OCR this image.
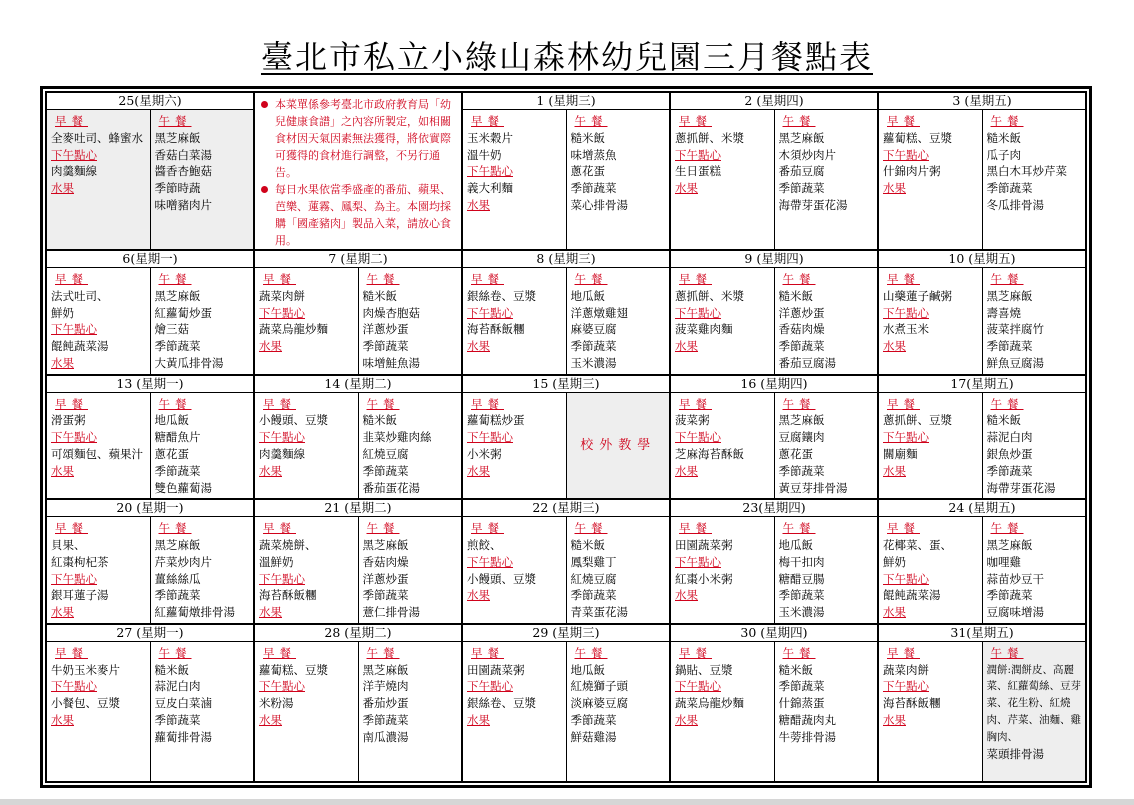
臺北市私立小綠山森林幼兒園三月餐點表
25(星期六)
早餐
全麥吐司、蜂蜜水
下午點心
肉羹麵線
水果
午餐
黑芝麻飯
香菇白菜湯
醬香杏鮑菇
季節時蔬
味噌豬肉片
本菜單係參考臺北市政府教育局「幼兒健康食譜」之內容所製定，如相關食材因天氣因素無法獲得，將依實際可獲得的食材進行調整，不另行通告。
每日水果依當季盛產的番茄、蘋果、芭樂、蓮霧、鳳梨、為主。本園均採購「國產豬肉」製品入菜，請放心食用。
1 (星期三)
早餐
玉米穀片
溫牛奶
下午點心
義大利麵
水果
午餐
糙米飯
味增蒸魚
蔥花蛋
季節蔬菜
菜心排骨湯
2 (星期四)
早餐
蔥抓餅、米漿
下午點心
生日蛋糕
水果
午餐
黑芝麻飯
木須炒肉片
番茄豆腐
季節蔬菜
海帶芽蛋花湯
3 (星期五)
早餐
蘿蔔糕、豆漿
下午點心
什錦肉片粥
水果
午餐
糙米飯
瓜子肉
黑白木耳炒芹菜
季節蔬菜
冬瓜排骨湯
6(星期一)
早餐
法式吐司、
鮮奶
下午點心
餛飩蔬菜湯
水果
午餐
黑芝麻飯
紅蘿蔔炒蛋
燴三菇
季節蔬菜
大黃瓜排骨湯
7 (星期二)
早餐
蔬菜肉餅
下午點心
蔬菜烏龍炒麵
水果
午餐
糙米飯
肉燥杏胞菇
洋蔥炒蛋
季節蔬菜
味增鮭魚湯
8 (星期三)
早餐
銀絲卷、豆漿
下午點心
海苔酥飯糰
水果
午餐
地瓜飯
洋蔥燉雞翅
麻婆豆腐
季節蔬菜
玉米濃湯
9 (星期四)
早餐
蔥抓餅、米漿
下午點心
菠菜雞肉麵
水果
午餐
糙米飯
洋蔥炒蛋
香菇肉燥
季節蔬菜
番茄豆腐湯
10 (星期五)
早餐
山藥蓮子鹹粥
下午點心
水煮玉米
水果
午餐
黑芝麻飯
壽喜燒
菠菜拌腐竹
季節蔬菜
鮮魚豆腐湯
13 (星期一)
早餐
滑蛋粥
下午點心
可頌麵包、蘋果汁
水果
午餐
地瓜飯
糖醋魚片
蔥花蛋
季節蔬菜
雙色蘿蔔湯
14 (星期二)
早餐
小饅頭、豆漿
下午點心
肉羹麵線
水果
午餐
糙米飯
韭菜炒雞肉絲
紅燒豆腐
季節蔬菜
番茄蛋花湯
15 (星期三)
早餐
蘿蔔糕炒蛋
下午點心
小米粥
水果
校外教學
16 (星期四)
早餐
菠菜粥
下午點心
芝麻海苔酥飯
水果
午餐
黑芝麻飯
豆腐鑲肉
蔥花蛋
季節蔬菜
黃豆芽排骨湯
17(星期五)
早餐
蔥抓餅、豆漿
下午點心
關廟麵
水果
午餐
糙米飯
蒜泥白肉
銀魚炒蛋
季節蔬菜
海帶芽蛋花湯
20 (星期一)
早餐
貝果、
紅棗枸杞茶
下午點心
銀耳蓮子湯
水果
午餐
黑芝麻飯
芹菜炒肉片
薑絲絲瓜
季節蔬菜
紅蘿蔔燉排骨湯
21 (星期二)
早餐
蔬菜燒餅、
溫鮮奶
下午點心
海苔酥飯糰
水果
午餐
黑芝麻飯
香菇肉燥
洋蔥炒蛋
季節蔬菜
薏仁排骨湯
22 (星期三)
早餐
煎餃、
下午點心
小饅頭、豆漿
水果
午餐
糙米飯
鳳梨雞丁
紅燒豆腐
季節蔬菜
青菜蛋花湯
23(星期四)
早餐
田園蔬菜粥
下午點心
紅棗小米粥
水果
午餐
地瓜飯
梅干扣肉
糖醋豆腸
季節蔬菜
玉米濃湯
24 (星期五)
早餐
花椰菜、蛋、
鮮奶
下午點心
餛飩蔬菜湯
水果
午餐
黑芝麻飯
咖哩雞
蒜苗炒豆干
季節蔬菜
豆腐味增湯
27 (星期一)
早餐
牛奶玉米麥片
下午點心
小餐包、豆漿
水果
午餐
糙米飯
蒜泥白肉
豆皮白菜滷
季節蔬菜
蘿蔔排骨湯
28 (星期二)
早餐
蘿蔔糕、豆漿
下午點心
米粉湯
水果
午餐
黑芝麻飯
洋芋燒肉
番茄炒蛋
季節蔬菜
南瓜濃湯
29 (星期三)
早餐
田園蔬菜粥
下午點心
銀絲卷、豆漿
水果
午餐
地瓜飯
紅燒獅子頭
淡麻婆豆腐
季節蔬菜
鮮菇雞湯
30 (星期四)
早餐
鍋貼、豆漿
下午點心
蔬菜烏龍炒麵
水果
午餐
糙米飯
季節蔬菜
什錦蒸蛋
糖醋蔬肉丸
牛蒡排骨湯
31(星期五)
早餐
蔬菜肉餅
下午點心
海苔酥飯糰
水果
午餐
潤餅:潤餅皮、高麗菜、紅蘿蔔絲、豆芽菜、花生粉、紅燒肉、芹菜、油麵、雞胸肉、
菜頭排骨湯
